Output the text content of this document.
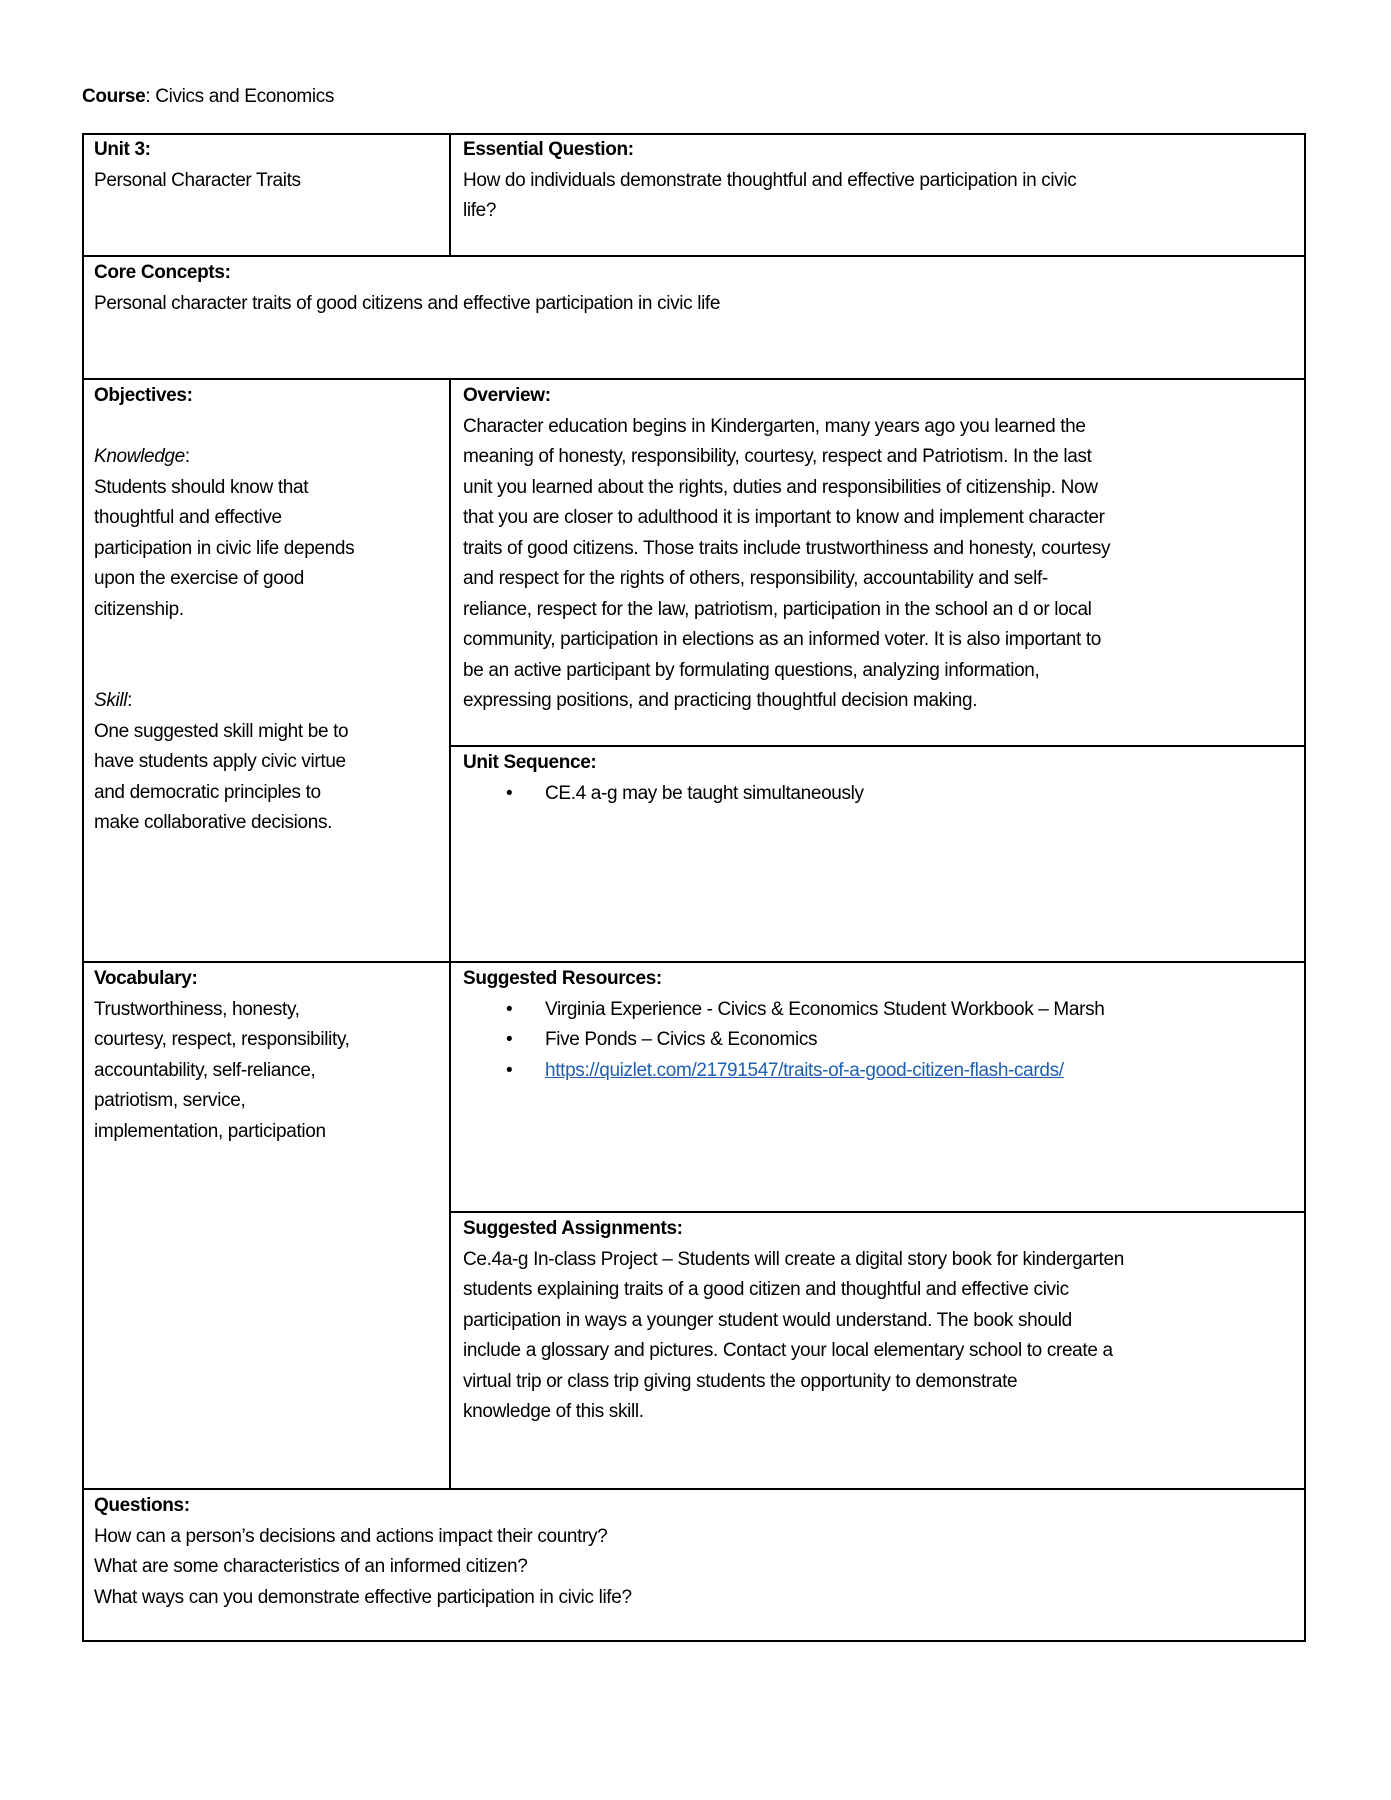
Course: Civics and Economics
Unit 3:
Personal Character Traits
Essential Question:
How do individuals demonstrate thoughtful and effective participation in civic
life?
Core Concepts:
Personal character traits of good citizens and effective participation in civic life
Objectives:
Knowledge:
Students should know that
thoughtful and effective
participation in civic life depends
upon the exercise of good
citizenship.
Skill:
One suggested skill might be to
have students apply civic virtue
and democratic principles to
make collaborative decisions.
Overview:
Character education begins in Kindergarten, many years ago you learned the
meaning of honesty, responsibility, courtesy, respect and Patriotism. In the last
unit you learned about the rights, duties and responsibilities of citizenship. Now
that you are closer to adulthood it is important to know and implement character
traits of good citizens. Those traits include trustworthiness and honesty, courtesy
and respect for the rights of others, responsibility, accountability and self-
reliance, respect for the law, patriotism, participation in the school an d or local
community, participation in elections as an informed voter. It is also important to
be an active participant by formulating questions, analyzing information,
expressing positions, and practicing thoughtful decision making.
Unit Sequence:
• CE.4 a-g may be taught simultaneously
Vocabulary:
Trustworthiness, honesty,
courtesy, respect, responsibility,
accountability, self-reliance,
patriotism, service,
implementation, participation
Suggested Resources:
• Virginia Experience - Civics & Economics Student Workbook – Marsh
• Five Ponds – Civics & Economics
• https://quizlet.com/21791547/traits-of-a-good-citizen-flash-cards/
Suggested Assignments:
Ce.4a-g In-class Project – Students will create a digital story book for kindergarten
students explaining traits of a good citizen and thoughtful and effective civic
participation in ways a younger student would understand. The book should
include a glossary and pictures. Contact your local elementary school to create a
virtual trip or class trip giving students the opportunity to demonstrate
knowledge of this skill.
Questions:
How can a person’s decisions and actions impact their country?
What are some characteristics of an informed citizen?
What ways can you demonstrate effective participation in civic life?
